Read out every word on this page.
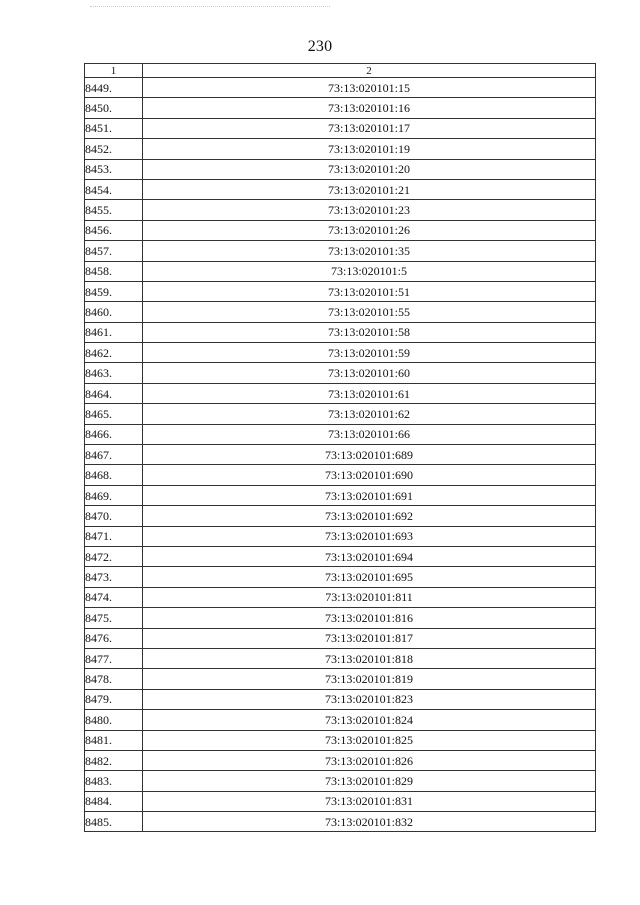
230
1	2
8449.	73:13:020101:15
8450.	73:13:020101:16
8451.	73:13:020101:17
8452.	73:13:020101:19
8453.	73:13:020101:20
8454.	73:13:020101:21
8455.	73:13:020101:23
8456.	73:13:020101:26
8457.	73:13:020101:35
8458.	73:13:020101:5
8459.	73:13:020101:51
8460.	73:13:020101:55
8461.	73:13:020101:58
8462.	73:13:020101:59
8463.	73:13:020101:60
8464.	73:13:020101:61
8465.	73:13:020101:62
8466.	73:13:020101:66
8467.	73:13:020101:689
8468.	73:13:020101:690
8469.	73:13:020101:691
8470.	73:13:020101:692
8471.	73:13:020101:693
8472.	73:13:020101:694
8473.	73:13:020101:695
8474.	73:13:020101:811
8475.	73:13:020101:816
8476.	73:13:020101:817
8477.	73:13:020101:818
8478.	73:13:020101:819
8479.	73:13:020101:823
8480.	73:13:020101:824
8481.	73:13:020101:825
8482.	73:13:020101:826
8483.	73:13:020101:829
8484.	73:13:020101:831
8485.	73:13:020101:832
